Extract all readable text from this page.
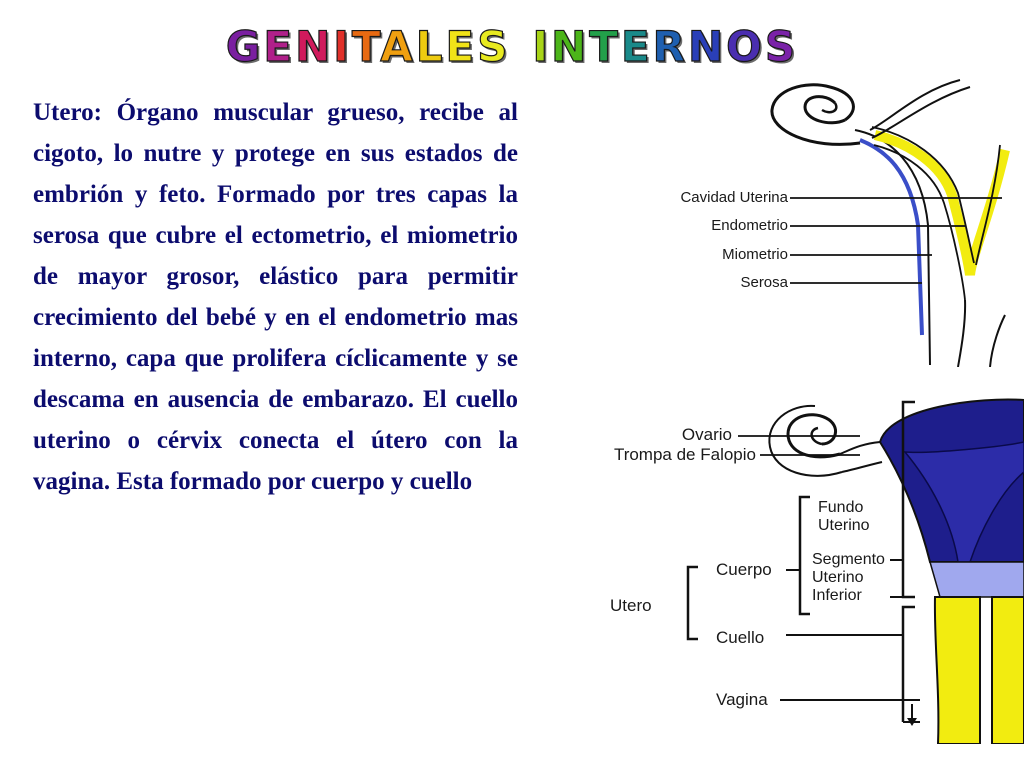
GENITALES INTERNOS

Utero: Órgano muscular grueso, recibe al cigoto, lo nutre y protege en sus estados de embrión y feto. Formado por tres capas la serosa que cubre el ectometrio, el miometrio de mayor grosor, elástico para permitir crecimiento del bebé y en el endometrio mas interno, capa que prolifera cíclicamente y se descama en ausencia de embarazo. El cuello uterino o cérvix conecta el útero con la vagina. Esta formado por cuerpo y cuello

Cavidad Uterina
Endometrio
Miometrio
Serosa
Ovario
Trompa de Falopio
Fundo
Uterino
Segmento
Uterino
Inferior
Cuerpo
Utero
Cuello
Vagina
